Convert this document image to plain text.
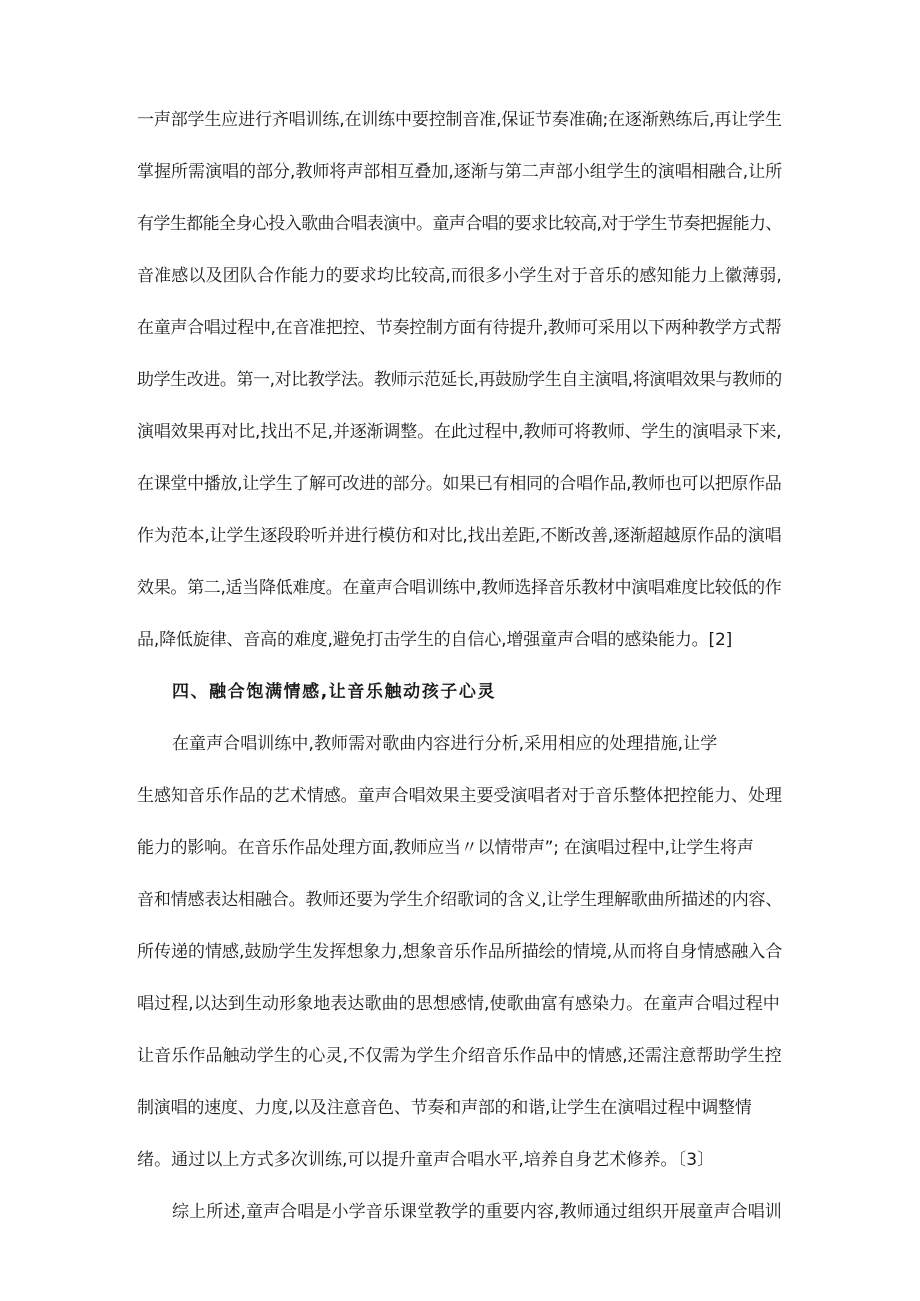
一声部学生应进行齐唱训练,在训练中要控制音准,保证节奏准确;在逐渐熟练后,再让学生
掌握所需演唱的部分,教师将声部相互叠加,逐渐与第二声部小组学生的演唱相融合,让所
有学生都能全身心投入歌曲合唱表演中。童声合唱的要求比较高,对于学生节奏把握能力、
音准感以及团队合作能力的要求均比较高,而很多小学生对于音乐的感知能力上徽薄弱,
在童声合唱过程中,在音准把控、节奏控制方面有待提升,教师可采用以下两种教学方式帮
助学生改进。第一,对比教学法。教师示范延长,再鼓励学生自主演唱,将演唱效果与教师的
演唱效果再对比,找出不足,并逐渐调整。在此过程中,教师可将教师、学生的演唱录下来,
在课堂中播放,让学生了解可改进的部分。如果已有相同的合唱作品,教师也可以把原作品
作为范本,让学生逐段聆听并进行模仿和对比,找出差距,不断改善,逐渐超越原作品的演唱
效果。第二,适当降低难度。在童声合唱训练中,教师选择音乐教材中演唱难度比较低的作
品,降低旋律、音高的难度,避免打击学生的自信心,增强童声合唱的感染能力。[2]
四、融合饱满情感,让音乐触动孩子心灵
在童声合唱训练中,教师需对歌曲内容进行分析,采用相应的处理措施,让学
生感知音乐作品的艺术情感。童声合唱效果主要受演唱者对于音乐整体把控能力、处理
能力的影响。在音乐作品处理方面,教师应当〃以情带声”; 在演唱过程中,让学生将声
音和情感表达相融合。教师还要为学生介绍歌词的含义,让学生理解歌曲所描述的内容、
所传递的情感,鼓励学生发挥想象力,想象音乐作品所描绘的情境,从而将自身情感融入合
唱过程,以达到生动形象地表达歌曲的思想感情,使歌曲富有感染力。在童声合唱过程中
让音乐作品触动学生的心灵,不仅需为学生介绍音乐作品中的情感,还需注意帮助学生控
制演唱的速度、力度,以及注意音色、节奏和声部的和谐,让学生在演唱过程中调整情
绪。通过以上方式多次训练,可以提升童声合唱水平,培养自身艺术修养。〔3〕
综上所述,童声合唱是小学音乐课堂教学的重要内容,教师通过组织开展童声合唱训
